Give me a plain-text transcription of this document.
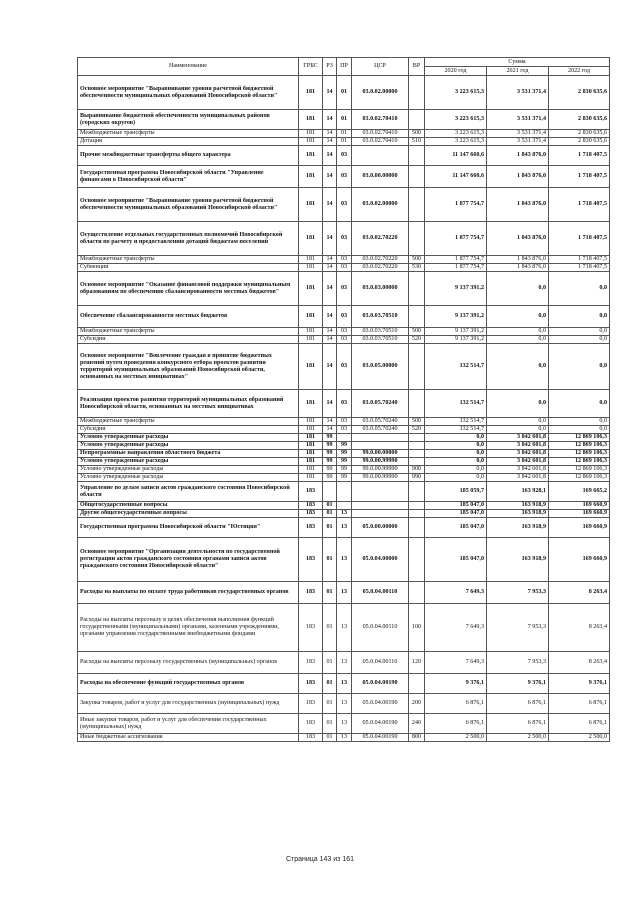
Наименование	ГРБС	РЗ	ПР	ЦСР	ВР	Сумма		
						2020 год	2021 год	2022 год
Основное мероприятие "Выравнивание уровня расчетной бюджетной обеспеченности муниципальных образований Новосибирской области"	181	14	01	03.0.02.00000		3 223 615,3	3 531 371,4	2 830 635,6
Выравнивание бюджетной обеспеченности муниципальных районов (городских округов)	181	14	01	03.0.02.70410		3 223 615,3	3 531 371,4	2 830 635,6
Межбюджетные трансферты	181	14	01	03.0.02.70410	500	3 223 615,3	3 531 371,4	2 830 635,6
Дотации	181	14	01	03.0.02.70410	510	3 223 615,3	3 531 371,4	2 830 635,6
Прочие межбюджетные трансферты общего характера	181	14	03			11 147 660,6	1 843 876,0	1 718 407,5
Государственная программа Новосибирской области "Управление финансами в Новосибирской области"	181	14	03	03.0.00.00000		11 147 660,6	1 843 876,0	1 718 407,5
Основное мероприятие "Выравнивание уровня расчетной бюджетной обеспеченности муниципальных образований Новосибирской области"	181	14	03	03.0.02.00000		1 877 754,7	1 843 876,0	1 718 407,5
Осуществление отдельных государственных полномочий Новосибирской области по расчету и предоставлению дотаций бюджетам поселений	181	14	03	03.0.02.70220		1 877 754,7	1 843 876,0	1 718 407,5
Межбюджетные трансферты	181	14	03	03.0.02.70220	500	1 877 754,7	1 843 876,0	1 718 407,5
Субвенции	181	14	03	03.0.02.70220	530	1 877 754,7	1 843 876,0	1 718 407,5
Основное мероприятие "Оказание финансовой поддержки муниципальным образованиям по обеспечению сбалансированности местных бюджетов"	181	14	03	03.0.03.00000		9 137 391,2	0,0	0,0
Обеспечение сбалансированности местных бюджетов	181	14	03	03.0.03.70510		9 137 391,2	0,0	0,0
Межбюджетные трансферты	181	14	03	03.0.03.70510	500	9 137 391,2	0,0	0,0
Субсидии	181	14	03	03.0.03.70510	520	9 137 391,2	0,0	0,0
Основное мероприятие "Вовлечение граждан в принятие бюджетных решений путем проведения конкурсного отбора проектов развития территорий муниципальных образований Новосибирской области, основанных на местных инициативах"	181	14	03	03.0.05.00000		132 514,7	0,0	0,0
Реализация проектов развития территорий муниципальных образований Новосибирской области, основанных на местных инициативах	181	14	03	03.0.05.70240		132 514,7	0,0	0,0
Межбюджетные трансферты	181	14	03	03.0.05.70240	500	132 514,7	0,0	0,0
Субсидии	181	14	03	03.0.05.70240	520	132 514,7	0,0	0,0
Условно утвержденные расходы	181	99				0,0	3 842 601,8	12 869 106,3
Условно утвержденные расходы	181	99	99			0,0	3 842 601,8	12 869 106,3
Непрограммные направления областного бюджета	181	99	99	99.0.00.00000		0,0	3 842 601,8	12 869 106,3
Условно утвержденные расходы	181	99	99	99.0.00.99990		0,0	3 842 601,8	12 869 106,3
Условно утвержденные расходы	181	99	99	99.0.00.99990	900	0,0	3 842 601,8	12 869 106,3
Условно утвержденные расходы	181	99	99	99.0.00.99990	990	0,0	3 842 601,8	12 869 106,3
Управление по делам записи актов гражданского состояния Новосибирской области	183					185 059,7	163 928,1	169 665,2
Общегосударственные вопросы	183	01				185 047,0	163 918,9	169 660,9
Другие общегосударственные вопросы	183	01	13			185 047,0	163 918,9	169 660,9
Государственная программа Новосибирской области "Юстиция"	183	01	13	05.0.00.00000		185 047,0	163 918,9	169 660,9
Основное мероприятие "Организация деятельности по государственной регистрации актов гражданского состояния органами записи актов гражданского состояния Новосибирской области"	183	01	13	05.0.04.00000		185 047,0	163 918,9	169 660,9
Расходы на выплаты по оплате труда работников государственных органов	183	01	13	05.0.04.00110		7 649,3	7 953,3	8 263,4
Расходы на выплаты персоналу в целях обеспечения выполнения функций государственными (муниципальными) органами, казенными учреждениями, органами управления государственными внебюджетными фондами	183	01	13	05.0.04.00110	100	7 649,3	7 953,3	8 263,4
Расходы на выплаты персоналу государственных (муниципальных) органов	183	01	13	05.0.04.00110	120	7 649,3	7 953,3	8 263,4
Расходы на обеспечение функций государственных органов	183	01	13	05.0.04.00190		9 376,1	9 376,1	9 376,1
Закупка товаров, работ и услуг для государственных (муниципальных) нужд	183	01	13	05.0.04.00190	200	6 876,1	6 876,1	6 876,1
Иные закупки товаров, работ и услуг для обеспечения государственных (муниципальных) нужд	183	01	13	05.0.04.00190	240	6 876,1	6 876,1	6 876,1
Иные бюджетные ассигнования	183	01	13	05.0.04.00190	800	2 500,0	2 500,0	2 500,0
Страница 143 из 161
